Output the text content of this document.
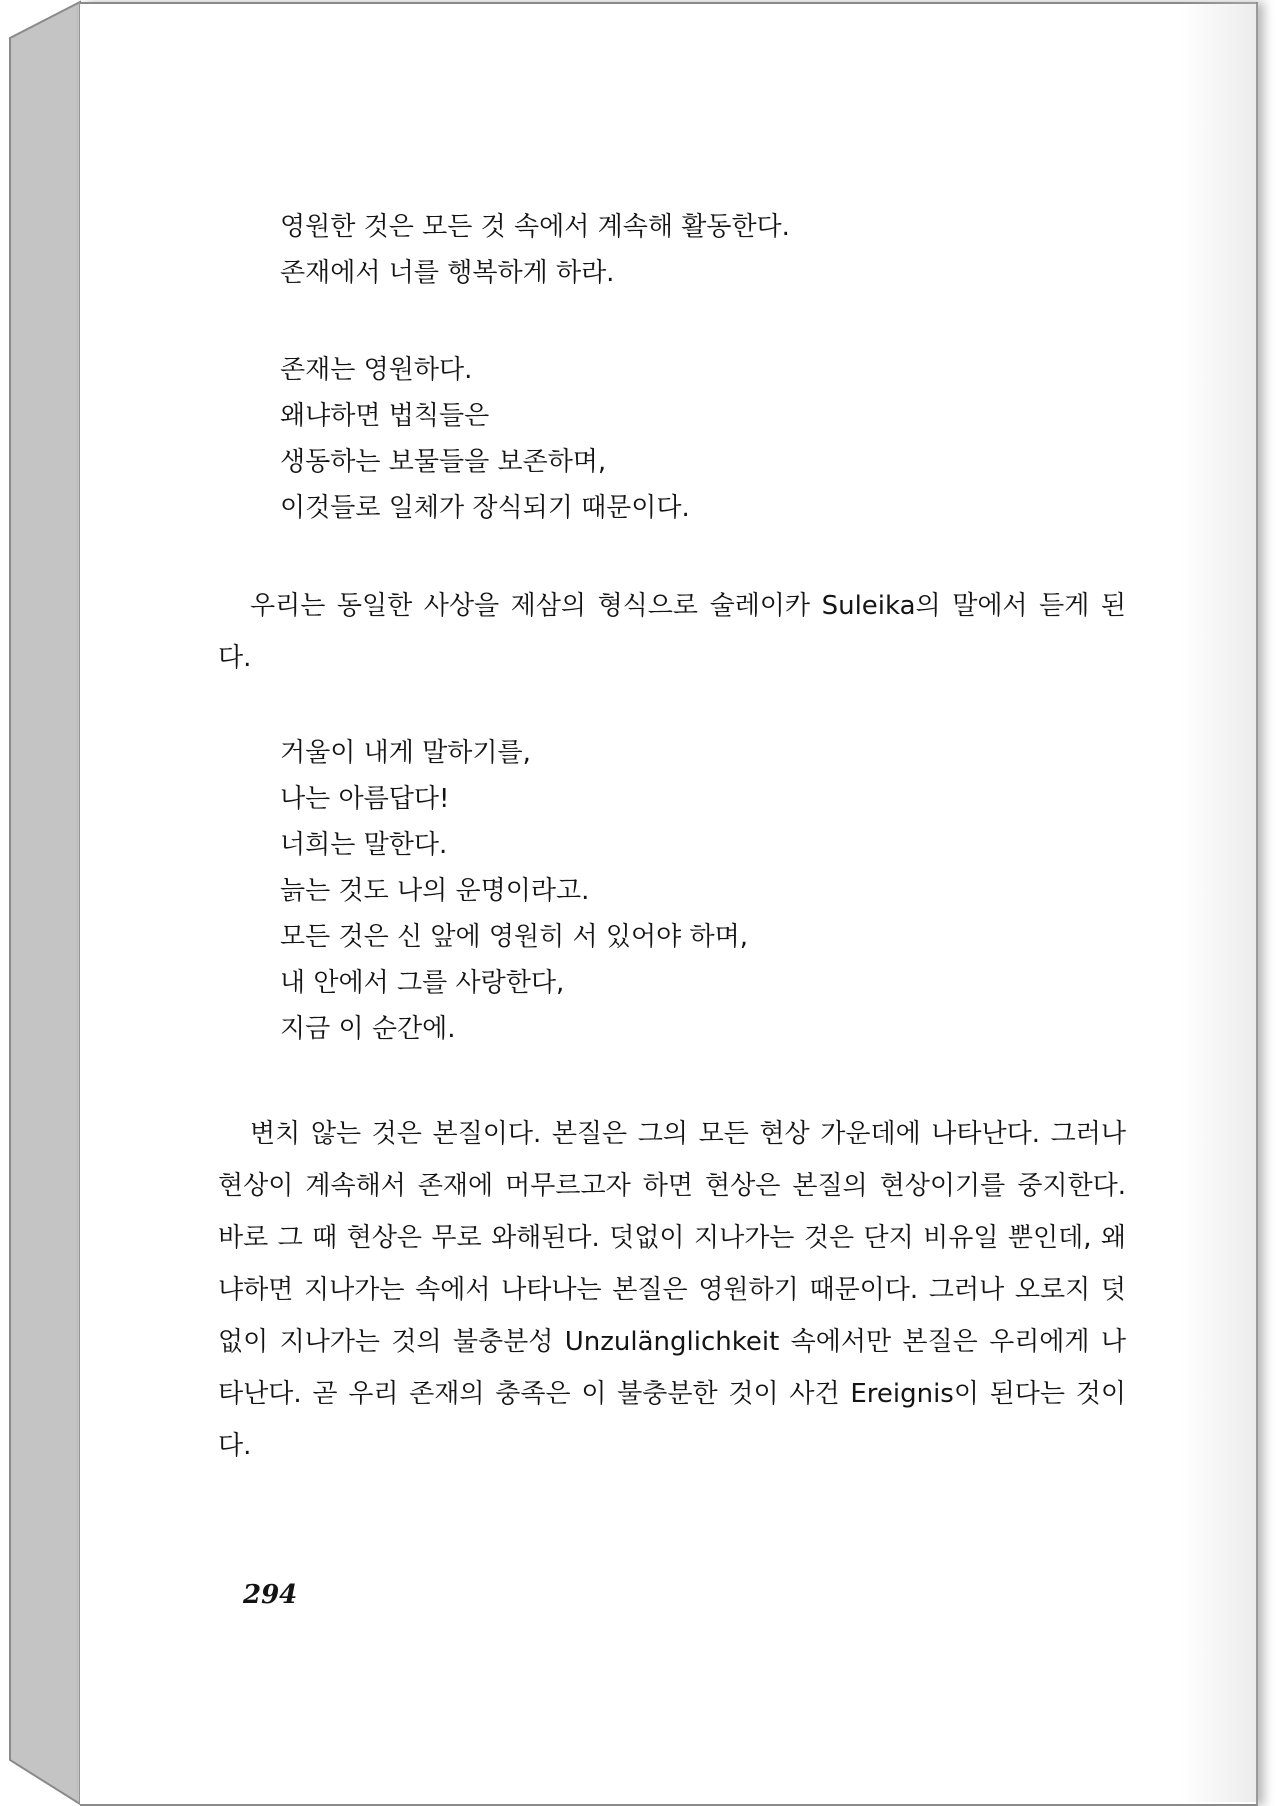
영원한 것은 모든 것 속에서 계속해 활동한다.
존재에서 너를 행복하게 하라.
존재는 영원하다.
왜냐하면 법칙들은
생동하는 보물들을 보존하며,
이것들로 일체가 장식되기 때문이다.
우리는 동일한 사상을 제삼의 형식으로 술레이카 Suleika의 말에서 듣게 된다.
거울이 내게 말하기를,
나는 아름답다!
너희는 말한다.
늙는 것도 나의 운명이라고.
모든 것은 신 앞에 영원히 서 있어야 하며,
내 안에서 그를 사랑한다,
지금 이 순간에.
변치 않는 것은 본질이다. 본질은 그의 모든 현상 가운데에 나타난다. 그러나 현상이 계속해서 존재에 머무르고자 하면 현상은 본질의 현상이기를 중지한다. 바로 그 때 현상은 무로 와해된다. 덧없이 지나가는 것은 단지 비유일 뿐인데, 왜냐하면 지나가는 속에서 나타나는 본질은 영원하기 때문이다. 그러나 오로지 덧없이 지나가는 것의 불충분성 Unzulänglichkeit 속에서만 본질은 우리에게 나타난다. 곧 우리 존재의 충족은 이 불충분한 것이 사건 Ereignis이 된다는 것이다.
294
